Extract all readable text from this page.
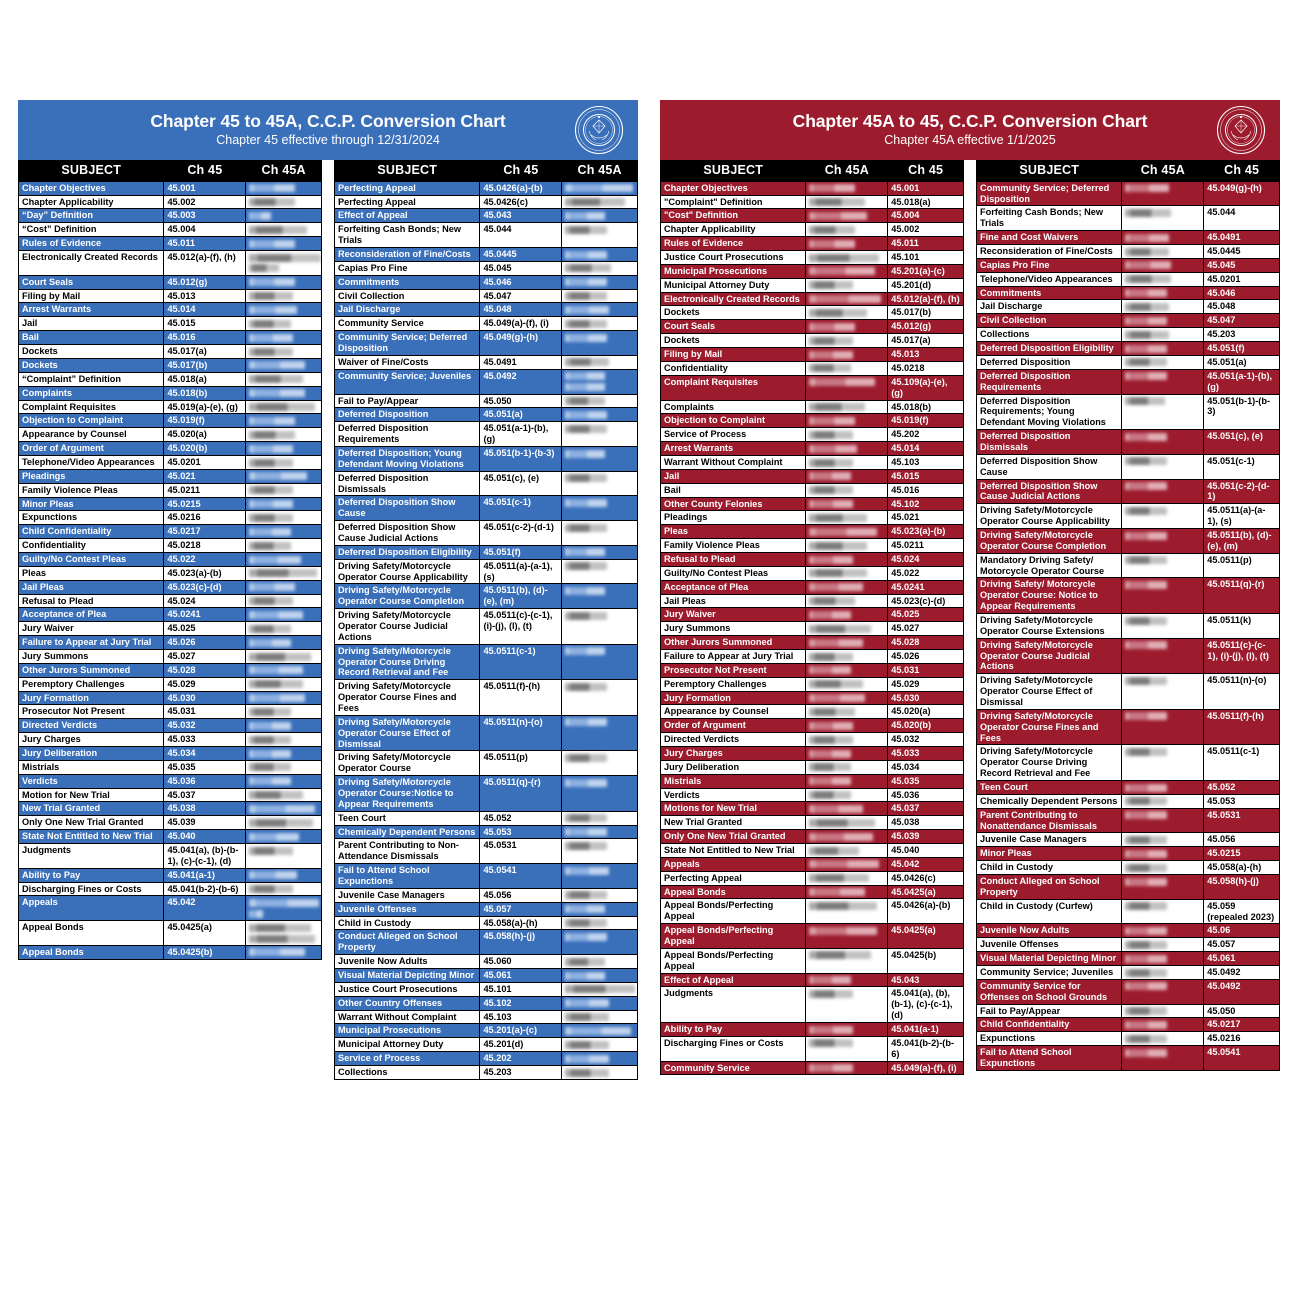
Chapter 45 to 45A, C.C.P. Conversion Chart
Chapter 45 effective through 12/31/2024
SUBJECT	Ch 45	Ch 45A

Chapter Objectives	45.001	

Chapter Applicability	45.002	

“Day” Definition	45.003	

“Cost” Definition	45.004	

Rules of Evidence	45.011	

Electronically Created Records	45.012(a)-(f), (h)	

Court Seals	45.012(g)	

Filing by Mail	45.013	

Arrest Warrants	45.014	

Jail	45.015	

Bail	45.016	

Dockets	45.017(a)	

Dockets	45.017(b)	

“Complaint” Definition	45.018(a)	

Complaints	45.018(b)	

Complaint Requisites	45.019(a)-(e), (g)	

Objection to Complaint	45.019(f)	

Appearance by Counsel	45.020(a)	

Order of Argument	45.020(b)	

Telephone/Video Appearances	45.0201	

Pleadings	45.021	

Family Violence Pleas	45.0211	

Minor Pleas	45.0215	

Expunctions	45.0216	

Child Confidentiality	45.0217	

Confidentiality	45.0218	

Guilty/No Contest Pleas	45.022	

Pleas	45.023(a)-(b)	

Jail Pleas	45.023(c)-(d)	

Refusal to Plead	45.024	

Acceptance of Plea	45.0241	

Jury Waiver	45.025	

Failure to Appear at Jury Trial	45.026	

Jury Summons	45.027	

Other Jurors Summoned	45.028	

Peremptory Challenges	45.029	

Jury Formation	45.030	

Prosecutor Not Present	45.031	

Directed Verdicts	45.032	

Jury Charges	45.033	

Jury Deliberation	45.034	

Mistrials	45.035	

Verdicts	45.036	

Motion for New Trial	45.037	

New Trial Granted	45.038	

Only One New Trial Granted	45.039	

State Not Entitled to New Trial	45.040	

Judgments	45.041(a), (b)-(b-1), (c)-(c-1), (d)	

Ability to Pay	45.041(a-1)	

Discharging Fines or Costs	45.041(b-2)-(b-6)	

Appeals	45.042	

Appeal Bonds	45.0425(a)	

Appeal Bonds	45.0425(b)	

SUBJECT	Ch 45	Ch 45A

Perfecting Appeal	45.0426(a)-(b)	

Perfecting Appeal	45.0426(c)	

Effect of Appeal	45.043	

Forfeiting Cash Bonds; New Trials	45.044	

Reconsideration of Fine/Costs	45.0445	

Capias Pro Fine	45.045	

Commitments	45.046	

Civil Collection	45.047	

Jail Discharge	45.048	

Community Service	45.049(a)-(f), (i)	

Community Service; Deferred Disposition	45.049(g)-(h)	

Waiver of Fine/Costs	45.0491	

Community Service; Juveniles	45.0492	

Fail to Pay/Appear	45.050	

Deferred Disposition	45.051(a)	

Deferred Disposition Requirements	45.051(a-1)-(b), (g)	

Deferred Disposition; Young Defendant Moving Violations	45.051(b-1)-(b-3)	

Deferred Disposition Dismissals	45.051(c), (e)	

Deferred Disposition Show Cause	45.051(c-1)	

Deferred Disposition Show Cause Judicial Actions	45.051(c-2)-(d-1)	

Deferred Disposition Eligibility	45.051(f)	

Driving Safety/Motorcycle Operator Course Applicability	45.0511(a)-(a-1), (s)	

Driving Safety/Motorcycle Operator Course Completion	45.0511(b), (d)-(e), (m)	

Driving Safety/Motorcycle Operator Course Judicial Actions	45.0511(c)-(c-1), (i)-(j), (l), (t)	

Driving Safety/Motorcycle Operator Course Driving Record Retrieval and Fee	45.0511(c-1)	

Driving Safety/Motorcycle Operator Course Fines and Fees	45.0511(f)-(h)	

Driving Safety/Motorcycle Operator Course Effect of Dismissal	45.0511(n)-(o)	

Driving Safety/Motorcycle Operator Course	45.0511(p)	

Driving Safety/Motorcycle Operator Course:Notice to Appear Requirements	45.0511(q)-(r)	

Teen Court	45.052	

Chemically Dependent Persons	45.053	

Parent Contributing to Non-Attendance Dismissals	45.0531	

Fail to Attend School Expunctions	45.0541	

Juvenile Case Managers	45.056	

Juvenile Offenses	45.057	

Child in Custody	45.058(a)-(h)	

Conduct Alleged on School Property	45.058(h)-(j)	

Juvenile Now Adults	45.060	

Visual Material Depicting Minor	45.061	

Justice Court Prosecutions	45.101	

Other Country Offenses	45.102	

Warrant Without Complaint	45.103	

Municipal Prosecutions	45.201(a)-(c)	

Municipal Attorney Duty	45.201(d)	

Service of Process	45.202	

Collections	45.203	

Chapter 45A to 45, C.C.P. Conversion Chart
Chapter 45A effective 1/1/2025
SUBJECT	Ch 45A	Ch 45

Chapter Objectives		45.001

"Complaint" Definition		45.018(a)

"Cost" Definition		45.004

Chapter Applicability		45.002

Rules of Evidence		45.011

Justice Court Prosecutions		45.101

Municipal Prosecutions		45.201(a)-(c)

Municipal Attorney Duty		45.201(d)

Electronically Created Records		45.012(a)-(f), (h)

Dockets		45.017(b)

Court Seals		45.012(g)

Dockets		45.017(a)

Filing by Mail		45.013

Confidentiality		45.0218

Complaint Requisites		45.109(a)-(e), (g)

Complaints		45.018(b)

Objection to Complaint		45.019(f)

Service of Process		45.202

Arrest Warrants		45.014

Warrant Without Complaint		45.103

Jail		45.015

Bail		45.016

Other County Felonies		45.102

Pleadings		45.021

Pleas		45.023(a)-(b)

Family Violence Pleas		45.0211

Refusal to Plead		45.024

Guilty/No Contest Pleas		45.022

Acceptance of Plea		45.0241

Jail Pleas		45.023(c)-(d)

Jury Waiver		45.025

Jury Summons		45.027

Other Jurors Summoned		45.028

Failure to Appear at Jury Trial		45.026

Prosecutor Not Present		45.031

Peremptory Challenges		45.029

Jury Formation		45.030

Appearance by Counsel		45.020(a)

Order of Argument		45.020(b)

Directed Verdicts		45.032

Jury Charges		45.033

Jury Deliberation		45.034

Mistrials		45.035

Verdicts		45.036

Motions for New Trial		45.037

New Trial Granted		45.038

Only One New Trial Granted		45.039

State Not Entitled to New Trial		45.040

Appeals		45.042

Perfecting Appeal		45.0426(c)

Appeal Bonds		45.0425(a)

Appeal Bonds/Perfecting Appeal		45.0426(a)-(b)

Appeal Bonds/Perfecting Appeal		45.0425(a)

Appeal Bonds/Perfecting Appeal		45.0425(b)

Effect of Appeal		45.043

Judgments		45.041(a), (b), (b-1), (c)-(c-1), (d)

Ability to Pay		45.041(a-1)

Discharging Fines or Costs		45.041(b-2)-(b-6)

Community Service		45.049(a)-(f), (i)
SUBJECT	Ch 45A	Ch 45

Community Service; Deferred Disposition		45.049(g)-(h)

Forfeiting Cash Bonds; New Trials		45.044

Fine and Cost Waivers		45.0491

Reconsideration of Fine/Costs		45.0445

Capias Pro Fine		45.045

Telephone/Video Appearances		45.0201

Commitments		45.046

Jail Discharge		45.048

Civil Collection		45.047

Collections		45.203

Deferred Disposition Eligibility		45.051(f)

Deferred Disposition		45.051(a)

Deferred Disposition Requirements		45.051(a-1)-(b), (g)

Deferred Disposition Requirements; Young Defendant Moving Violations		45.051(b-1)-(b-3)

Deferred Disposition Dismissals		45.051(c), (e)

Deferred Disposition Show Cause		45.051(c-1)

Deferred Disposition Show Cause Judicial Actions		45.051(c-2)-(d-1)

Driving Safety/Motorcycle Operator Course Applicability		45.0511(a)-(a-1), (s)

Driving Safety/Motorcycle Operator Course Completion		45.0511(b), (d)-(e), (m)

Mandatory Driving Safety/ Motorcycle Operator Course		45.0511(p)

Driving Safety/ Motorcycle Operator Course: Notice to Appear Requirements		45.0511(q)-(r)

Driving Safety/Motorcycle Operator Course Extensions		45.0511(k)

Driving Safety/Motorcycle Operator Course Judicial Actions		45.0511(c)-(c-1), (i)-(j), (l), (t)

Driving Safety/Motorcycle Operator Course Effect of Dismissal		45.0511(n)-(o)

Driving Safety/Motorcycle Operator Course Fines and Fees		45.0511(f)-(h)

Driving Safety/Motorcycle Operator Course Driving Record Retrieval and Fee		45.0511(c-1)

Teen Court		45.052

Chemically Dependent Persons		45.053

Parent Contributing to Nonattendance Dismissals		45.0531

Juvenile Case Managers		45.056

Minor Pleas		45.0215

Child in Custody		45.058(a)-(h)

Conduct Alleged on School Property		45.058(h)-(j)

Child in Custody (Curfew)		45.059 (repealed 2023)

Juvenile Now Adults		45.06

Juvenile Offenses		45.057

Visual Material Depicting Minor		45.061

Community Service; Juveniles		45.0492

Community Service for Offenses on School Grounds		45.0492

Fail to Pay/Appear		45.050

Child Confidentiality		45.0217

Expunctions		45.0216

Fail to Attend School Expunctions		45.0541
